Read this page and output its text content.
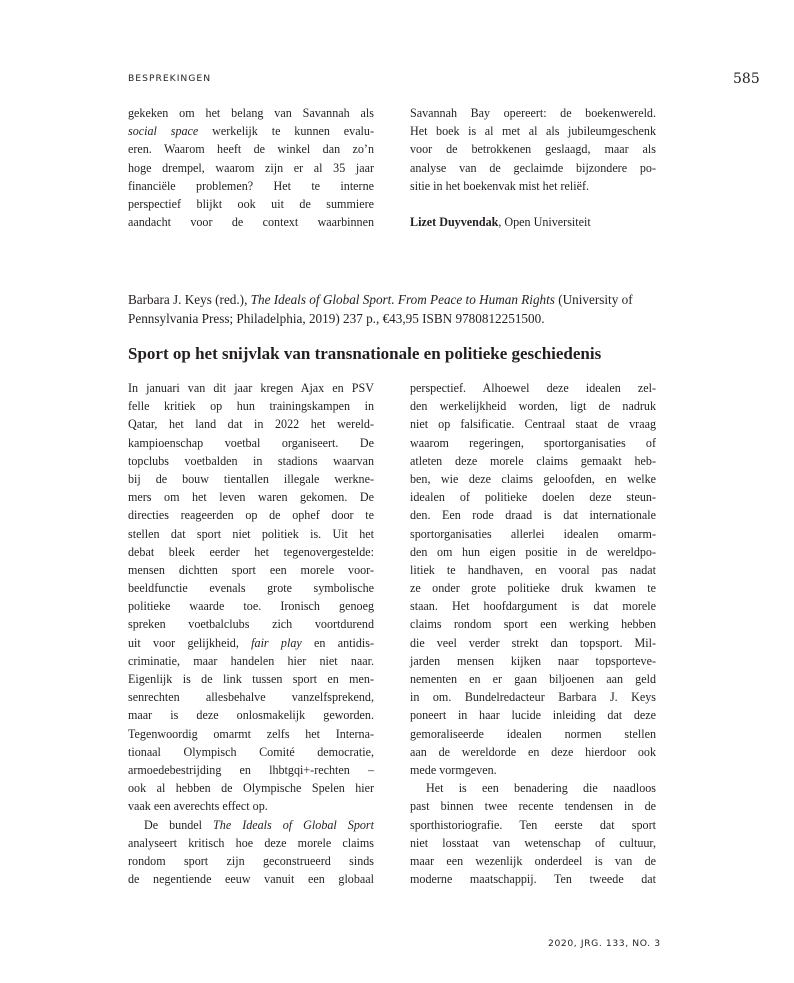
BESPREKINGEN	585
gekeken om het belang van Savannah als
social space werkelijk te kunnen evalu-
eren. Waarom heeft de winkel dan zo’n
hoge drempel, waarom zijn er al 35 jaar
financiële problemen? Het te interne
perspectief blijkt ook uit de summiere
aandacht voor de context waarbinnen
Savannah Bay opereert: de boekenwereld.
Het boek is al met al als jubileumgeschenk
voor de betrokkenen geslaagd, maar als
analyse van de geclaimde bijzondere po-
sitie in het boekenvak mist het reliëf.
Lizet Duyvendak, Open Universiteit
Barbara J. Keys (red.), The Ideals of Global Sport. From Peace to Human Rights (University of Pennsylvania Press; Philadelphia, 2019) 237 p., €43,95 ISBN 9780812251500.
Sport op het snijvlak van transnationale en politieke geschiedenis
In januari van dit jaar kregen Ajax en PSV
felle kritiek op hun trainingskampen in
Qatar, het land dat in 2022 het wereld-
kampioenschap voetbal organiseert. De
topclubs voetbalden in stadions waarvan
bij de bouw tientallen illegale werkne-
mers om het leven waren gekomen. De
directies reageerden op de ophef door te
stellen dat sport niet politiek is. Uit het
debat bleek eerder het tegenovergestelde:
mensen dichtten sport een morele voor-
beeldfunctie evenals grote symbolische
politieke waarde toe. Ironisch genoeg
spreken voetbalclubs zich voortdurend
uit voor gelijkheid, fair play en antidis-
criminatie, maar handelen hier niet naar.
Eigenlijk is de link tussen sport en men-
senrechten allesbehalve vanzelfsprekend,
maar is deze onlosmakelijk geworden.
Tegenwoordig omarmt zelfs het Interna-
tionaal Olympisch Comité democratie,
armoedebestrijding en lhbtgqi+-rechten –
ook al hebben de Olympische Spelen hier
vaak een averechts effect op.
De bundel The Ideals of Global Sport
analyseert kritisch hoe deze morele claims
rondom sport zijn geconstrueerd sinds
de negentiende eeuw vanuit een globaal
perspectief. Alhoewel deze idealen zel-
den werkelijkheid worden, ligt de nadruk
niet op falsificatie. Centraal staat de vraag
waarom regeringen, sportorganisaties of
atleten deze morele claims gemaakt heb-
ben, wie deze claims geloofden, en welke
idealen of politieke doelen deze steun-
den. Een rode draad is dat internationale
sportorganisaties allerlei idealen omarm-
den om hun eigen positie in de wereldpo-
litiek te handhaven, en vooral pas nadat
ze onder grote politieke druk kwamen te
staan. Het hoofdargument is dat morele
claims rondom sport een werking hebben
die veel verder strekt dan topsport. Mil-
jarden mensen kijken naar topsporteve-
nementen en er gaan biljoenen aan geld
in om. Bundelredacteur Barbara J. Keys
poneert in haar lucide inleiding dat deze
gemoraliseerde idealen normen stellen
aan de wereldorde en deze hierdoor ook
mede vormgeven.
Het is een benadering die naadloos
past binnen twee recente tendensen in de
sporthistoriografie. Ten eerste dat sport
niet losstaat van wetenschap of cultuur,
maar een wezenlijk onderdeel is van de
moderne maatschappij. Ten tweede dat
2020, JRG. 133, NO. 3
